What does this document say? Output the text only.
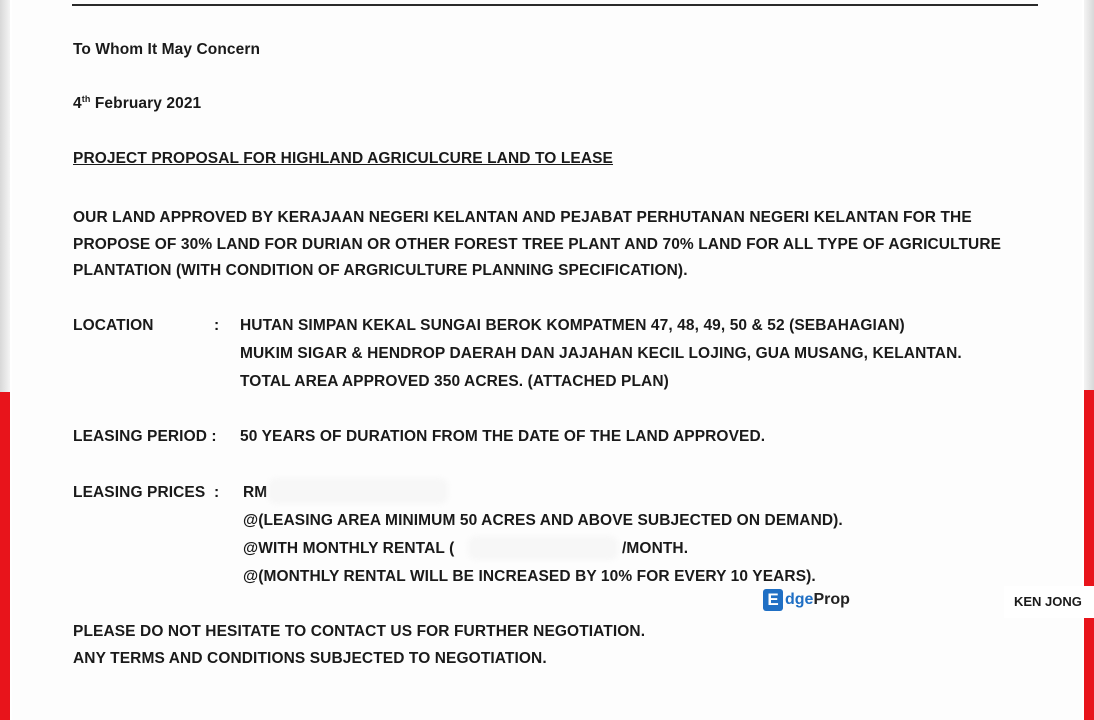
To Whom It May Concern
4th February 2021
PROJECT PROPOSAL FOR HIGHLAND AGRICULCURE LAND TO LEASE
OUR LAND APPROVED BY KERAJAAN NEGERI KELANTAN AND PEJABAT PERHUTANAN NEGERI KELANTAN FOR THE
PROPOSE OF 30% LAND FOR DURIAN OR OTHER FOREST TREE PLANT AND 70% LAND FOR ALL TYPE OF AGRICULTURE
PLANTATION (WITH CONDITION OF ARGRICULTURE PLANNING SPECIFICATION).
LOCATION	: HUTAN SIMPAN KEKAL SUNGAI BEROK KOMPATMEN 47, 48, 49, 50 & 52 (SEBAHAGIAN)
MUKIM SIGAR & HENDROP DAERAH DAN JAJAHAN KECIL LOJING, GUA MUSANG, KELANTAN.
TOTAL AREA APPROVED 350 ACRES. (ATTACHED PLAN)
LEASING PERIOD : 50 YEARS OF DURATION FROM THE DATE OF THE LAND APPROVED.
LEASING PRICES : RM
@(LEASING AREA MINIMUM 50 ACRES AND ABOVE SUBJECTED ON DEMAND).
@WITH MONTHLY RENTAL (	/MONTH.
@(MONTHLY RENTAL WILL BE INCREASED BY 10% FOR EVERY 10 YEARS).
E dgeProp	KEN JONG
PLEASE DO NOT HESITATE TO CONTACT US FOR FURTHER NEGOTIATION.
ANY TERMS AND CONDITIONS SUBJECTED TO NEGOTIATION.
